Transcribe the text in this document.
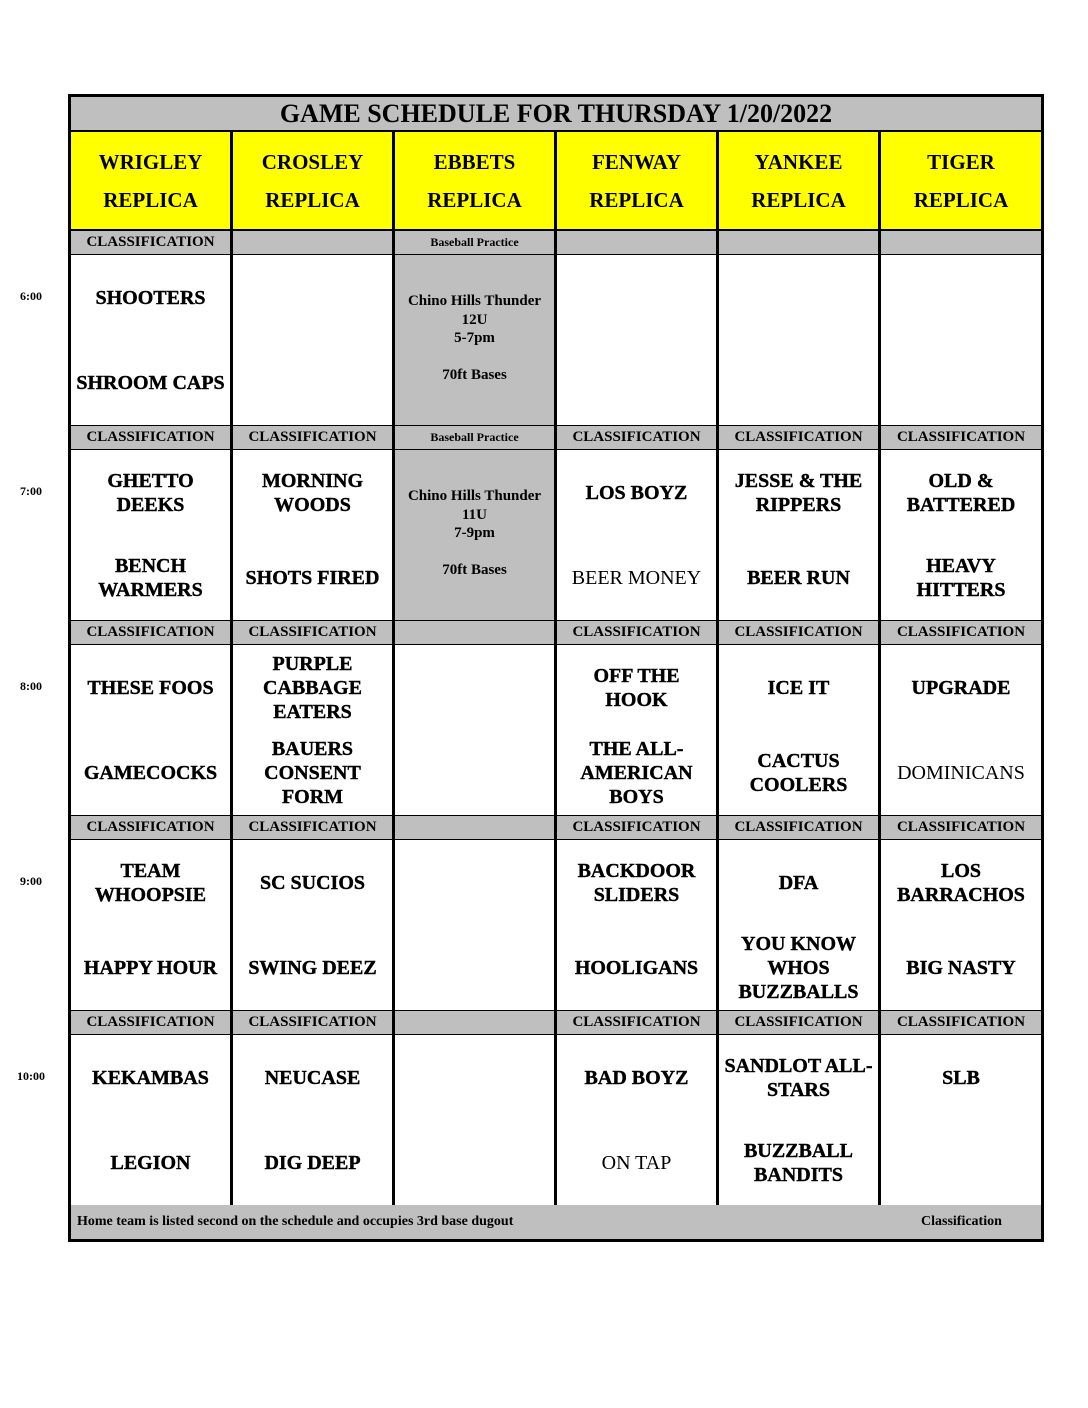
GAME SCHEDULE FOR THURSDAY 1/20/2022
WRIGLEY
REPLICA
CROSLEY
REPLICA
EBBETS
REPLICA
FENWAY
REPLICA
YANKEE
REPLICA
TIGER
REPLICA
6:00
CLASSIFICATION
SHOOTERS
SHROOM CAPS
Baseball Practice
Chino Hills Thunder
12U
5-7pm
70ft Bases
7:00
CLASSIFICATION
GHETTO DEEKS
BENCH WARMERS
CLASSIFICATION
MORNING WOODS
SHOTS FIRED
Baseball Practice
Chino Hills Thunder
11U
7-9pm
70ft Bases
CLASSIFICATION
LOS BOYZ
BEER MONEY
CLASSIFICATION
JESSE & THE RIPPERS
BEER RUN
CLASSIFICATION
OLD & BATTERED
HEAVY HITTERS
8:00
CLASSIFICATION
THESE FOOS
GAMECOCKS
CLASSIFICATION
PURPLE CABBAGE EATERS
BAUERS CONSENT FORM
CLASSIFICATION
OFF THE HOOK
THE ALL-AMERICAN BOYS
CLASSIFICATION
ICE IT
CACTUS COOLERS
CLASSIFICATION
UPGRADE
DOMINICANS
9:00
CLASSIFICATION
TEAM WHOOPSIE
HAPPY HOUR
CLASSIFICATION
SC SUCIOS
SWING DEEZ
CLASSIFICATION
BACKDOOR SLIDERS
HOOLIGANS
CLASSIFICATION
DFA
YOU KNOW WHOS BUZZBALLS
CLASSIFICATION
LOS BARRACHOS
BIG NASTY
10:00
CLASSIFICATION
KEKAMBAS
LEGION
CLASSIFICATION
NEUCASE
DIG DEEP
CLASSIFICATION
BAD BOYZ
ON TAP
CLASSIFICATION
SANDLOT ALL-STARS
BUZZBALL BANDITS
CLASSIFICATION
SLB
Home team is listed second on the schedule and occupies 3rd base dugout	Classification
